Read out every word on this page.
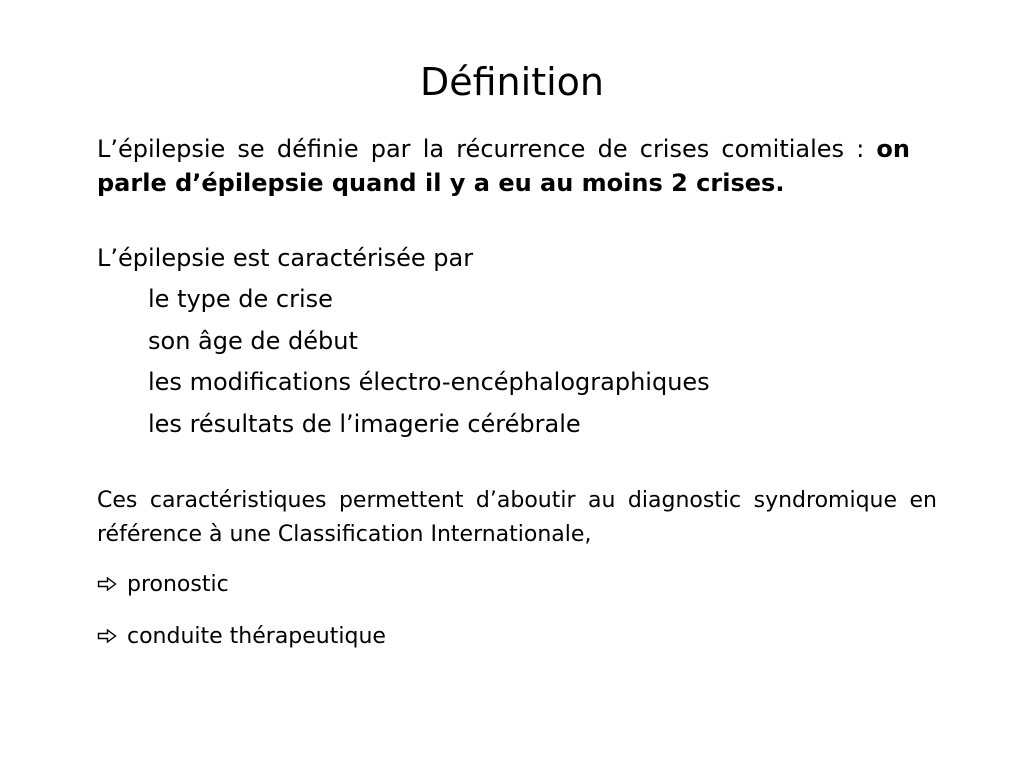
Définition

L’épilepsie se définie par la récurrence de crises comitiales : on parle d’épilepsie quand il y a eu au moins 2 crises.

L’épilepsie est caractérisée par

le type de crise
son âge de début
les modifications électro-encéphalographiques
les résultats de l’imagerie cérébrale

Ces caractéristiques permettent d’aboutir au diagnostic syndromique en référence à une Classification Internationale,

pronostic

conduite thérapeutique
